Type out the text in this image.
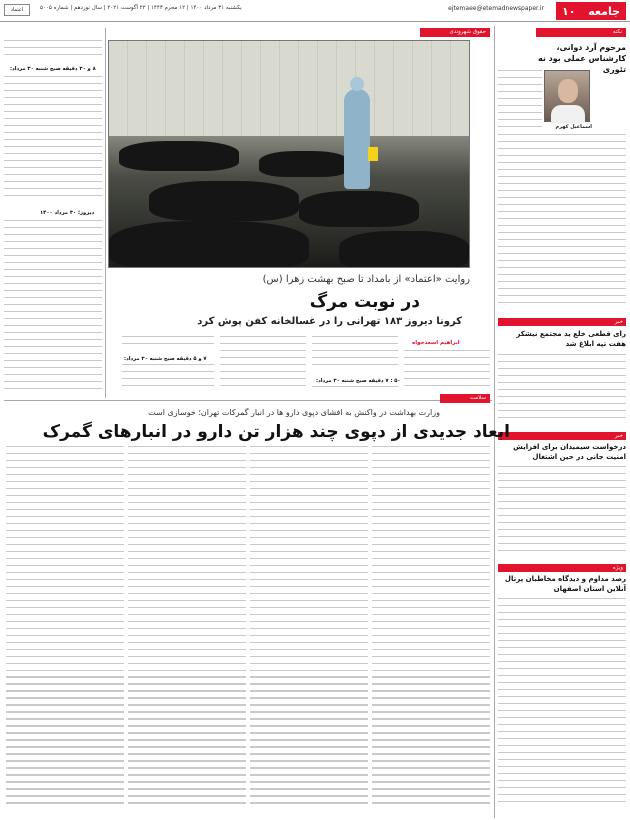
جامعه
۱۰
ejtemaee@etemadnewspaper.ir
یکشنبه ۳۱ مرداد ۱۴۰۰ | ۱۲ محرم ۱۴۴۳ | ۲۲ آگوست ۲۰۲۱ | سال نوزدهم | شماره ۵۰۰۵
اعتماد
نکته
مرحوم آرد دوانی، کارشناس عملی بود نه تئوری
اسماعیل کهرم
خبر
رای قطعی خلع ید مجتمع نیشکر هفت تپه ابلاغ شد
خبر
درخواست سیمیدان برای افزایش امنیت جانی در حین اشتغال
ویژه
رصد مداوم و دیدگاه مخاطبان پرتال آنلاین استان اصفهان
حقوق شهروندی
روایت «اعتماد» از بامداد تا صبح بهشت زهرا (س)
در نوبت مرگ
کرونا دیروز ۱۸۳ تهرانی را در غسالخانه کفن پوش کرد
ابراهیم اسعدخواه
۵۰ : ۷ دقیقه صبح شنبه ۳۰ مرداد:
۷ و ۵ دقیقه صبح شنبه ۳۰ مرداد:
۸ و ۳۰ دقیقه صبح شنبه ۳۰ مرداد:
دیروز؛ ۳۰ مرداد ۱۴۰۰
سلامت
وزارت بهداشت در واکنش به افشای دپوی دارو ها در انبار گمرکات تهران؛ خوسازی است
ابعاد جدیدی از دپوی چند هزار تن دارو در انبارهای گمرک
